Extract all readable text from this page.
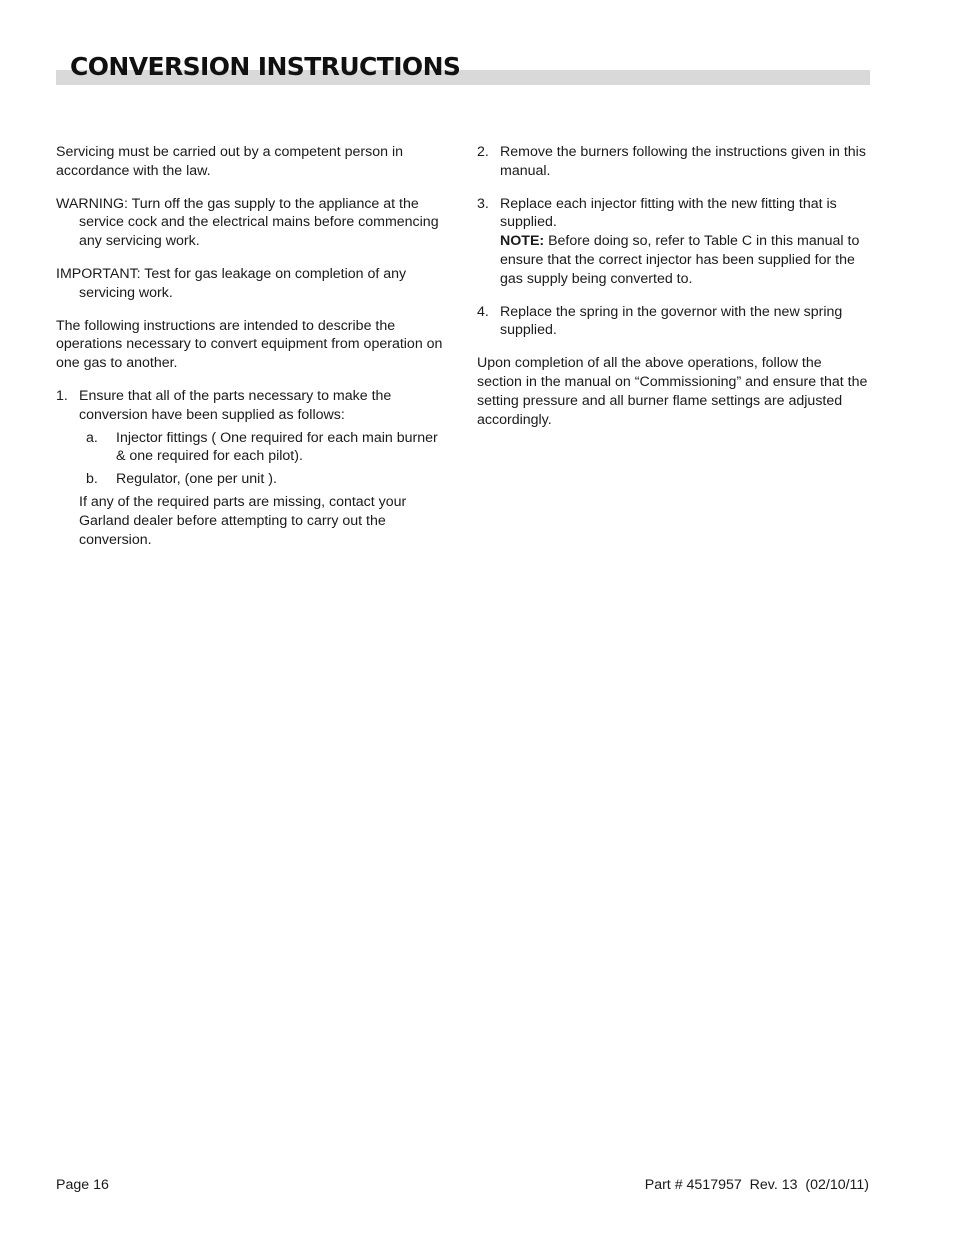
CONVERSION INSTRUCTIONS

Servicing must be carried out by a competent person in accordance with the law.

WARNING: Turn off the gas supply to the appliance at the service cock and the electrical mains before commencing any servicing work.

IMPORTANT: Test for gas leakage on completion of any servicing work.

The following instructions are intended to describe the operations necessary to convert equipment from operation on one gas to another.

1. Ensure that all of the parts necessary to make the conversion have been supplied as follows:

a. Injector fittings ( One required for each main burner & one required for each pilot).
b. Regulator, (one per unit ).

If any of the required parts are missing, contact your Garland dealer before attempting to carry out the conversion.

2. Remove the burners following the instructions given in this manual.

3. Replace each injector fitting with the new fitting that is supplied.

NOTE: Before doing so, refer to Table C in this manual to ensure that the correct injector has been supplied for the gas supply being converted to.

4. Replace the spring in the governor with the new spring supplied.

Upon completion of all the above operations, follow the section in the manual on “Commissioning” and ensure that the setting pressure and all burner flame settings are adjusted accordingly.

Page 16	Part # 4517957  Rev. 13  (02/10/11)
